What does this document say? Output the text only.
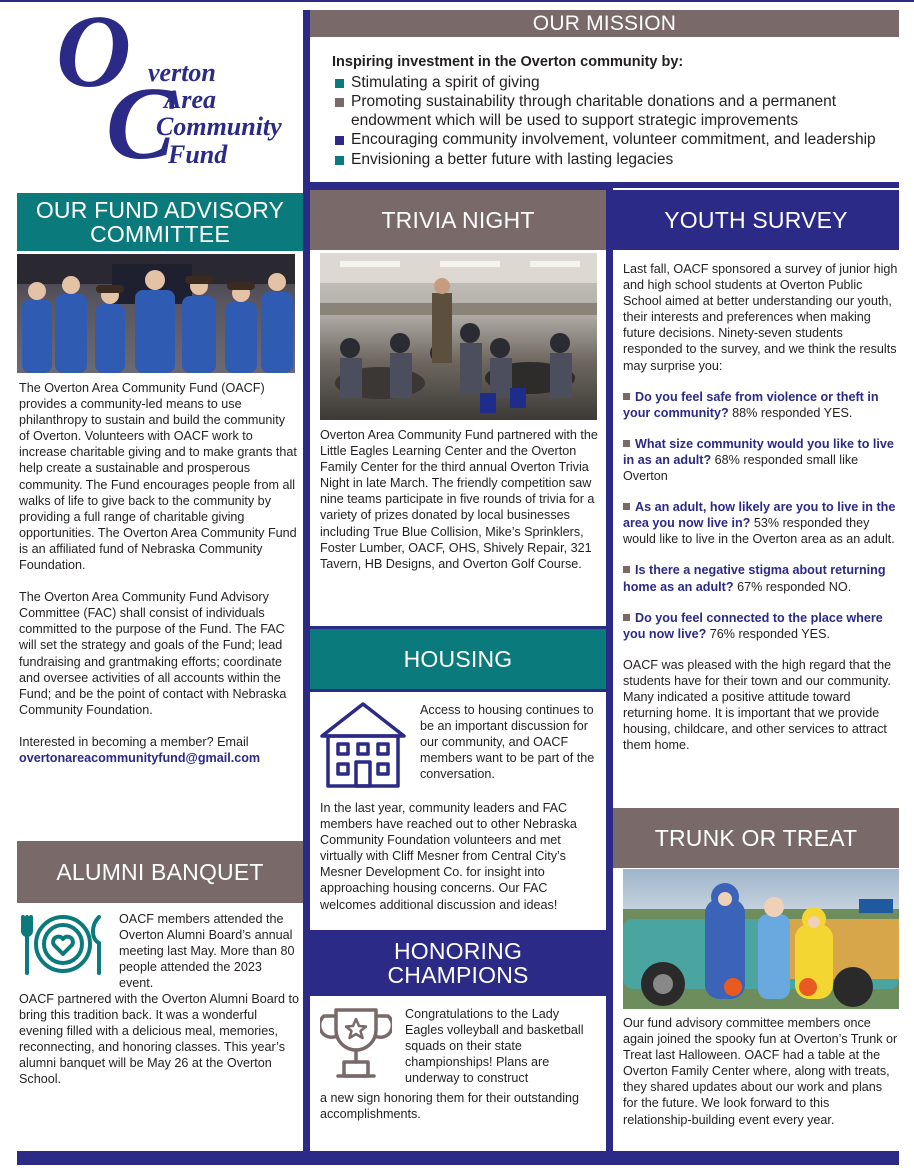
O
C
verton
Area
Community
Fund
OUR MISSION
Inspiring investment in the Overton community by:
Stimulating a spirit of giving
Promoting sustainability through charitable donations and a permanent endowment which will be used to support strategic improvements
Encouraging community involvement, volunteer commitment, and leadership
Envisioning a better future with lasting legacies
OUR FUND ADVISORY COMMITTEE

The Overton Area Community Fund (OACF) provides a community-led means to use philanthropy to sustain and build the community of Overton. Volunteers with OACF work to increase charitable giving and to make grants that help create a sustainable and prosperous community. The Fund encourages people from all walks of life to give back to the community by providing a full range of charitable giving opportunities. The Overton Area Community Fund is an affiliated fund of Nebraska Community Foundation.

The Overton Area Community Fund Advisory Committee (FAC) shall consist of individuals committed to the purpose of the Fund. The FAC will set the strategy and goals of the Fund; lead fundraising and grantmaking efforts; coordinate and oversee activities of all accounts within the Fund; and be the point of contact with Nebraska Community Foundation.

Interested in becoming a member? Email

overtonareacommunityfund@gmail.com
ALUMNI BANQUET
OACF members attended the Overton Alumni Board’s annual meeting last May. More than 80 people attended the 2023 event.
OACF partnered with the Overton Alumni Board to bring this tradition back. It was a wonderful evening filled with a delicious meal, memories, reconnecting, and honoring classes. This year’s alumni banquet will be May 26 at the Overton School.
TRIVIA NIGHT
Overton Area Community Fund partnered with the Little Eagles Learning Center and the Overton Family Center for the third annual Overton Trivia Night in late March. The friendly competition saw nine teams participate in five rounds of trivia for a variety of prizes donated by local businesses including True Blue Collision, Mike’s Sprinklers, Foster Lumber, OACF, OHS, Shively Repair, 321 Tavern, HB Designs, and Overton Golf Course.
HOUSING
Access to housing continues to be an important discussion for our community, and OACF members want to be part of the conversation.
In the last year, community leaders and FAC members have reached out to other Nebraska Community Foundation volunteers and met virtually with Cliff Mesner from Central City’s Mesner Development Co. for insight into approaching housing concerns. Our FAC welcomes additional discussion and ideas!
HONORING CHAMPIONS
Congratulations to the Lady Eagles volleyball and basketball squads on their state championships! Plans are underway to construct
a new sign honoring them for their outstanding accomplishments.
YOUTH SURVEY

Last fall, OACF sponsored a survey of junior high and high school students at Overton Public School aimed at better understanding our youth, their interests and preferences when making future decisions. Ninety-seven students responded to the survey, and we think the results may surprise you:

Do you feel safe from violence or theft in your community? 88% responded YES.

What size community would you like to live in as an adult? 68% responded small like Overton

As an adult, how likely are you to live in the area you now live in? 53% responded they would like to live in the Overton area as an adult.

Is there a negative stigma about returning home as an adult? 67% responded NO.

Do you feel connected to the place where you now live? 76% responded YES.

OACF was pleased with the high regard that the students have for their town and our community. Many indicated a positive attitude toward returning home. It is important that we provide housing, childcare, and other services to attract them home.

TRUNK OR TREAT
Our fund advisory committee members once again joined the spooky fun at Overton’s Trunk or Treat last Halloween. OACF had a table at the Overton Family Center where, along with treats, they shared updates about our work and plans for the future. We look forward to this relationship-building event every year.
